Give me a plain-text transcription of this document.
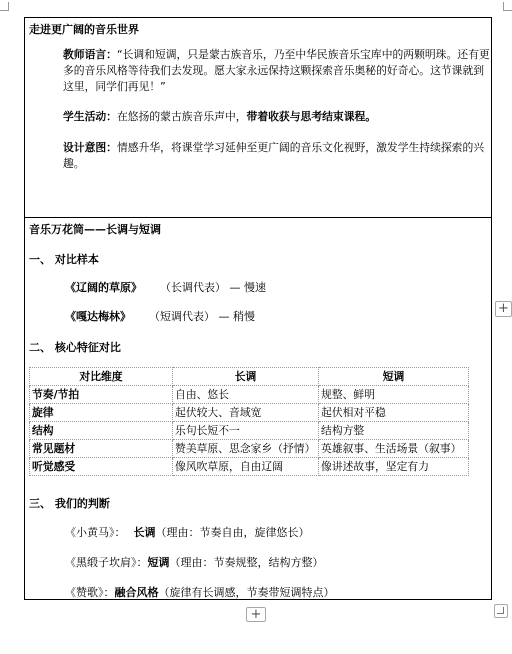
走进更广阔的音乐世界
教师语言：“长调和短调，只是蒙古族音乐，乃至中华民族音乐宝库中的两颗明珠。还有更多的音乐风格等待我们去发现。愿大家永远保持这颗探索音乐奥秘的好奇心。这节课就到这里，同学们再见！”
学生活动：在悠扬的蒙古族音乐声中，带着收获与思考结束课程。
设计意图：情感升华，将课堂学习延伸至更广阔的音乐文化视野，激发学生持续探索的兴趣。
音乐万花筒——长调与短调
一、 对比样本
《辽阔的草原》 （长调代表） — 慢速
《嘎达梅林》 （短调代表） — 稍慢
二、 核心特征对比
对比维度	长调	短调
节奏/节拍	自由、悠长	规整、鲜明
旋律	起伏较大、音域宽	起伏相对平稳
结构	乐句长短不一	结构方整
常见题材	赞美草原、思念家乡（抒情）	英雄叙事、生活场景（叙事）
听觉感受	像风吹草原，自由辽阔	像讲述故事，坚定有力
三、 我们的判断
《小黄马》： 长调（理由：节奏自由，旋律悠长）
《黑缎子坎肩》：短调（理由：节奏规整，结构方整）
《赞歌》：融合风格（旋律有长调感，节奏带短调特点）
+
+
